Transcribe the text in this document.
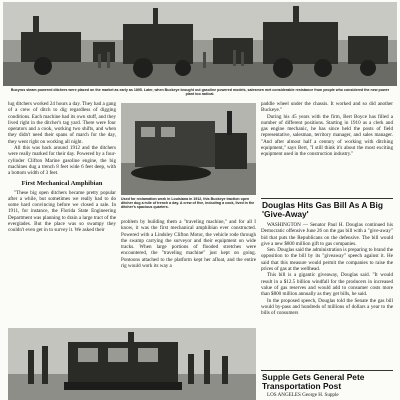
Bucyrus steam powered ditchers were placed on the market as early as 1895. Later, when Buckeye brought out gasoline powered models, salesmen met considerable resistance from people who considered the new power plant too radical.

lug ditchers worked 24 hours a day. They had a gang of a crew of ditch to dig regardless of digging conditions. Each machine had its own stuff, and they lived right in the ditcher's tag yard. There were four operators and a cook, working two shifts, and when they didn't need their spans of march for the day, they went right on working all night.

All this was back around 1912 and the ditchers were really marked for their day. Powered by a four-cylinder Clifton Marine gasoline engine, the big machines dug a trench 8 feet wide 6 feet deep, with a bottom width of 3 feet.

First Mechanical Amphibian

"These big open ditchers became pretty popular after a while, but sometimes we really had to do some hard convincing before we closed a sale. In 1911, for instance, the Florida State Engineering Department was planning to drain a large tract of the everglades. But the place was so swampy they couldn't even get in to survey it. We asked their

Used for reclamation work in Louisiana in 1912, this Buckeye traction open ditcher dug a mile of trench a day. A crew of five, including a cook, lived in the ditcher's spacious quarters.

problem by building them a "traveling machine," and for all I know, it was the first mechanical amphibian ever constructed. Powered with a Lindsley Clifton Motor, the vehicle rode through the swamp carrying the surveyor and their equipment on wide tracks. When large portions of flooded stretches were encountered, the "traveling machine" just kept on going. Pontoons attached to the platform kept her afloat, and the entire rig would work its way a

paddle wheel under the chassis. It worked and so did another Buckeye."

During his 45 years with the firm, Bert Boyce has filled a number of different positions. Starting in 1910 as a clerk and gas engine mechanic, he has since held the posts of field representative, salesman, territory manager, and sales manager. "And after almost half a century of working with ditching equipment," says Bert, "I still think it's about the most exciting equipment used in the construction industry."

Douglas Hits Gas Bill As A Big 'Give-Away'

WASHINGTON — Senator Paul H. Douglas continued his Democratic offensive June 26 on the gas bill with a "give-away" bid that puts the Republicans on the defensive. The bill would give a new $800 million gift to gas companies.

Sen. Douglas said the administration is preparing to brand the opposition to the bill by its "giveaway" speech against it. He said that this measure would permit the companies to raise the prices of gas at the wellhead.

This bill is a gigantic giveaway, Douglas said. "It would result in a $12.5 billion windfall for the producers in increased value of gas reserves and would add to consumer costs more than $800 million annually as they get bills, he said.

In the proposed speech, Douglas told the Senate the gas bill would by-pass and hundreds of millions of dollars a year to the bills of consumers

Supple Gets General Pete Transportation Post

LOS ANGELES George H. Supple
